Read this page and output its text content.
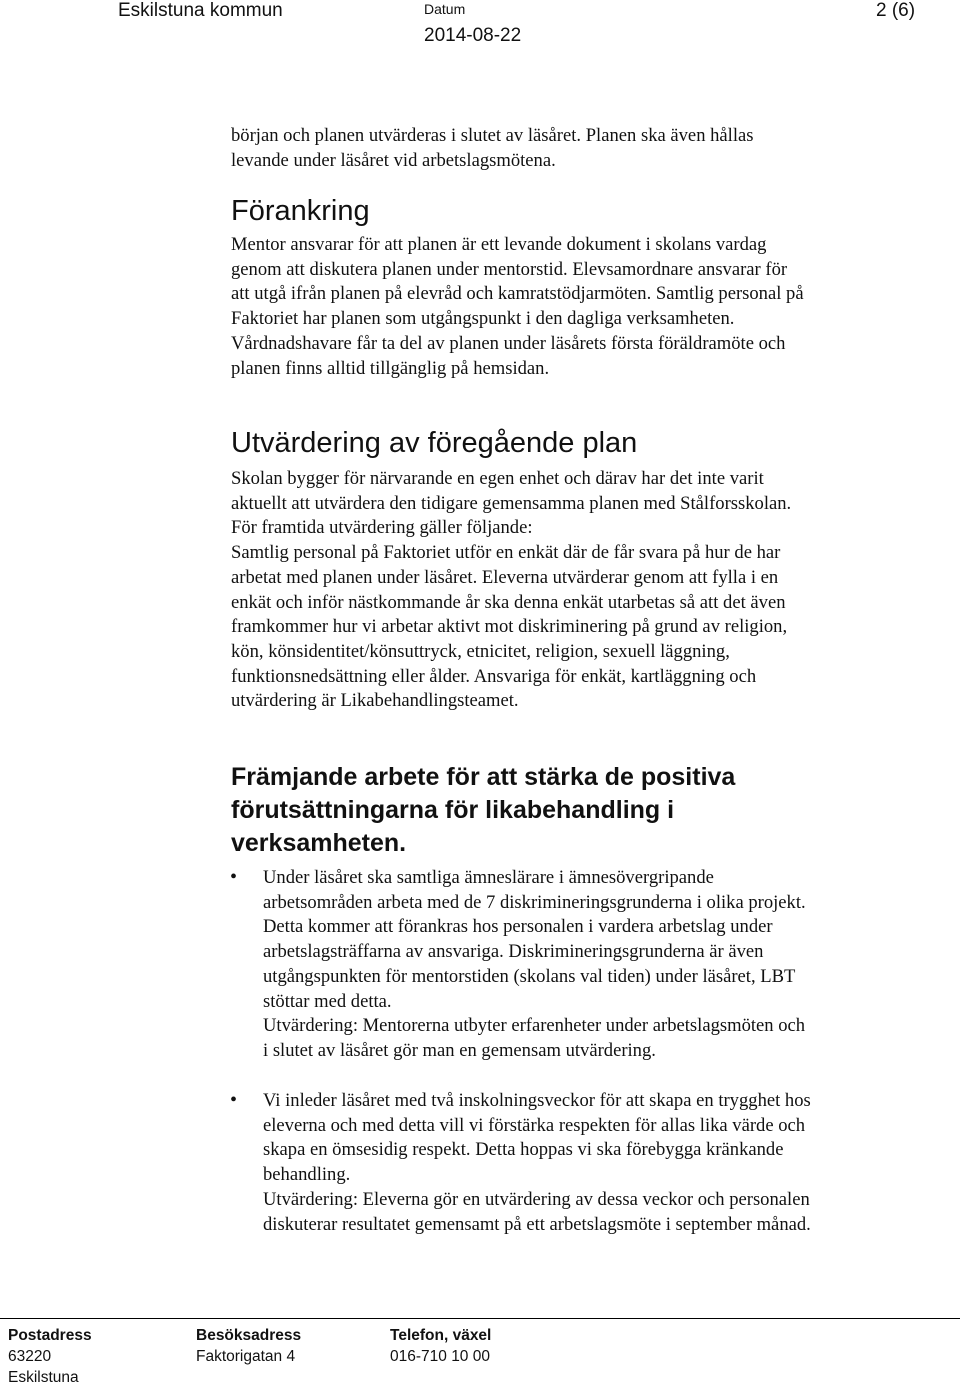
Eskilstuna kommun	Datum
2014-08-22
2 (6)
början och planen utvärderas i slutet av läsåret. Planen ska även hållas
levande under läsåret vid arbetslagsmötena.
Förankring
Mentor ansvarar för att planen är ett levande dokument i skolans vardag
genom att diskutera planen under mentorstid. Elevsamordnare ansvarar för
att utgå ifrån planen på elevråd och kamratstödjarmöten. Samtlig personal på
Faktoriet har planen som utgångspunkt i den dagliga verksamheten.
Vårdnadshavare får ta del av planen under läsårets första föräldramöte och
planen finns alltid tillgänglig på hemsidan.
Utvärdering av föregående plan
Skolan bygger för närvarande en egen enhet och därav har det inte varit
aktuellt att utvärdera den tidigare gemensamma planen med Stålforsskolan.
För framtida utvärdering gäller följande:
Samtlig personal på Faktoriet utför en enkät där de får svara på hur de har
arbetat med planen under läsåret. Eleverna utvärderar genom att fylla i en
enkät och inför nästkommande år ska denna enkät utarbetas så att det även
framkommer hur vi arbetar aktivt mot diskriminering på grund av religion,
kön, könsidentitet/könsuttryck, etnicitet, religion, sexuell läggning,
funktionsnedsättning eller ålder. Ansvariga för enkät, kartläggning och
utvärdering är Likabehandlingsteamet.
Främjande arbete för att stärka de positiva
förutsättningarna för likabehandling i
verksamheten.
• Under läsåret ska samtliga ämneslärare i ämnesövergripande
arbetsområden arbeta med de 7 diskrimineringsgrunderna i olika projekt.
Detta kommer att förankras hos personalen i vardera arbetslag under
arbetslagsträffarna av ansvariga. Diskrimineringsgrunderna är även
utgångspunkten för mentorstiden (skolans val tiden) under läsåret, LBT
stöttar med detta.
Utvärdering: Mentorerna utbyter erfarenheter under arbetslagsmöten och
i slutet av läsåret gör man en gemensam utvärdering.
• Vi inleder läsåret med två inskolningsveckor för att skapa en trygghet hos
eleverna och med detta vill vi förstärka respekten för allas lika värde och
skapa en ömsesidig respekt. Detta hoppas vi ska förebygga kränkande
behandling.
Utvärdering: Eleverna gör en utvärdering av dessa veckor och personalen
diskuterar resultatet gemensamt på ett arbetslagsmöte i september månad.
Postadress
63220
Eskilstuna
Besöksadress
Faktorigatan 4
Telefon, växel
016-710 10 00
